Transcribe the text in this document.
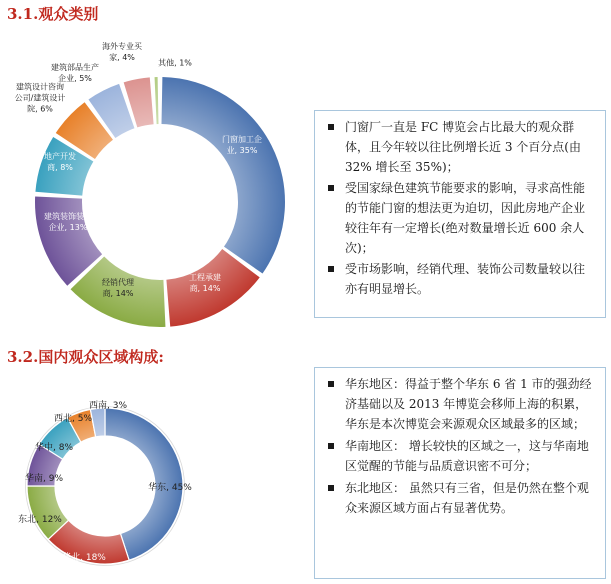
3.1.观众类别
3.2.国内观众区域构成:
门窗加工企业, 35%
工程承建商, 14%
经销代理商, 14%
建筑装饰装修企业, 13%
地产开发商, 8%
建筑设计咨询公司/建筑设计院, 6%
建筑部品生产企业, 5%
海外专业买家, 4%
其他, 1%
华东, 45%
华北, 18%
东北, 12%
华南, 9%
华中, 8%
西北, 5%
西南, 3%
门窗厂一直是 FC 博览会占比最大的观众群体，且今年较以往比例增长近 3 个百分点(由 32% 增长至 35%)；
受国家绿色建筑节能要求的影响，寻求高性能的节能门窗的想法更为迫切，因此房地产企业较往年有一定增长(绝对数量增长近 600 余人次)；
受市场影响，经销代理、装饰公司数量较以往亦有明显增长。
华东地区：得益于整个华东 6 省 1 市的强劲经济基础以及 2013 年博览会移师上海的积累，华东是本次博览会来源观众区域最多的区域；
华南地区： 增长较快的区域之一，这与华南地区觉醒的节能与品质意识密不可分；
东北地区： 虽然只有三省，但是仍然在整个观众来源区域方面占有显著优势。
